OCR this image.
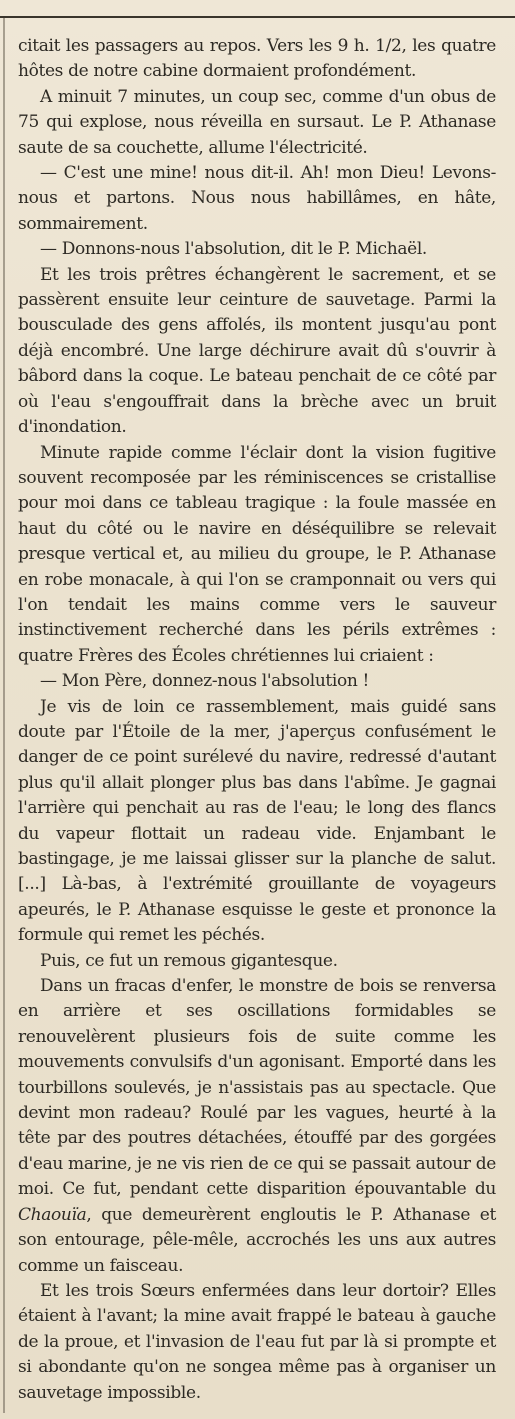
citait les passagers au repos. Vers les 9 h. 1/2, les quatre hôtes de notre cabine dormaient profondément.

A minuit 7 minutes, un coup sec, comme d'un obus de 75 qui explose, nous réveilla en sursaut. Le P. Athanase saute de sa couchette, allume l'électricité.

— C'est une mine! nous dit-il. Ah! mon Dieu! Levons-nous et partons. Nous nous habillâmes, en hâte, sommairement.

— Donnons-nous l'absolution, dit le P. Michaël.

Et les trois prêtres échangèrent le sacrement, et se passèrent ensuite leur ceinture de sauvetage. Parmi la bousculade des gens affolés, ils montent jusqu'au pont déjà encombré. Une large déchirure avait dû s'ouvrir à bâbord dans la coque. Le bateau penchait de ce côté par où l'eau s'engouffrait dans la brèche avec un bruit d'inondation.

Minute rapide comme l'éclair dont la vision fugitive souvent recomposée par les réminiscences se cristallise pour moi dans ce tableau tragique : la foule massée en haut du côté ou le navire en déséquilibre se relevait presque vertical et, au milieu du groupe, le P. Athanase en robe monacale, à qui l'on se cramponnait ou vers qui l'on tendait les mains comme vers le sauveur instinctivement recherché dans les périls extrêmes : quatre Frères des Écoles chrétiennes lui criaient :

— Mon Père, donnez-nous l'absolution !

Je vis de loin ce rassemblement, mais guidé sans doute par l'Étoile de la mer, j'aperçus confusément le danger de ce point surélevé du navire, redressé d'autant plus qu'il allait plonger plus bas dans l'abîme. Je gagnai l'arrière qui penchait au ras de l'eau; le long des flancs du vapeur flottait un radeau vide. Enjambant le bastingage, je me laissai glisser sur la planche de salut. [...] Là-bas, à l'extrémité grouillante de voyageurs apeurés, le P. Athanase esquisse le geste et prononce la formule qui remet les péchés.

Puis, ce fut un remous gigantesque.

Dans un fracas d'enfer, le monstre de bois se renversa en arrière et ses oscillations formidables se renouvelèrent plusieurs fois de suite comme les mouvements convulsifs d'un agonisant. Emporté dans les tourbillons soulevés, je n'assistais pas au spectacle. Que devint mon radeau? Roulé par les vagues, heurté à la tête par des poutres détachées, étouffé par des gorgées d'eau marine, je ne vis rien de ce qui se passait autour de moi. Ce fut, pendant cette disparition épouvantable du Chaouïa, que demeurèrent engloutis le P. Athanase et son entourage, pêle-mêle, accrochés les uns aux autres comme un faisceau.

Et les trois Sœurs enfermées dans leur dortoir? Elles étaient à l'avant; la mine avait frappé le bateau à gauche de la proue, et l'invasion de l'eau fut par là si prompte et si abondante qu'on ne songea même pas à organiser un sauvetage impossible.
